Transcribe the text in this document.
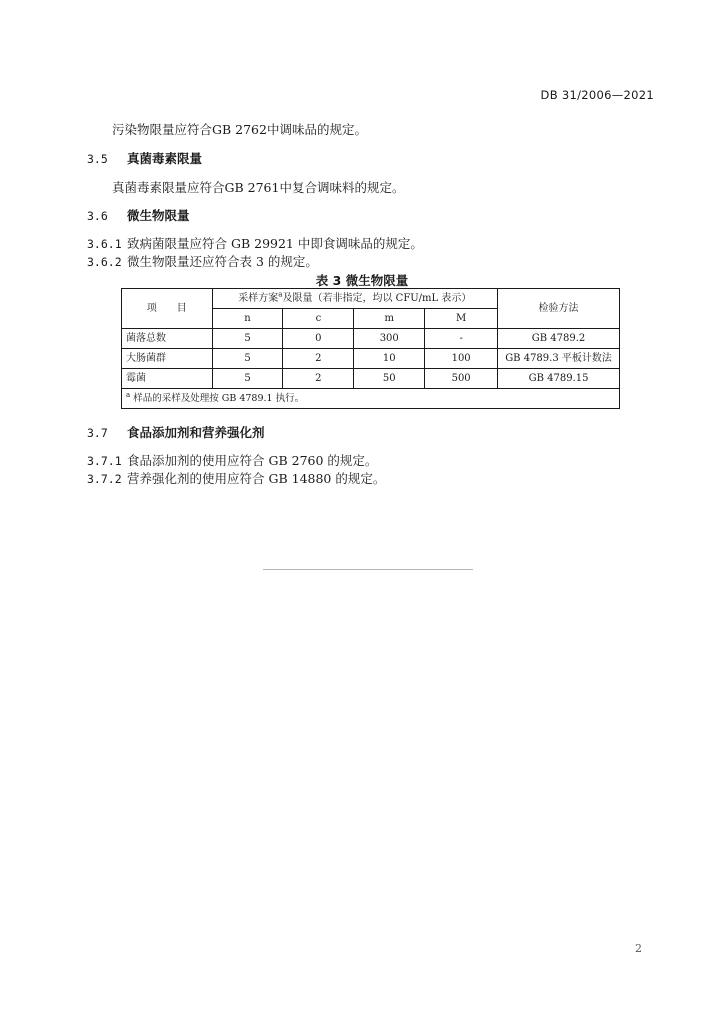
DB 31/2006—2021
污染物限量应符合GB 2762中调味品的规定。
3.5 真菌毒素限量
真菌毒素限量应符合GB 2761中复合调味料的规定。
3.6 微生物限量
3.6.1 致病菌限量应符合 GB 29921 中即食调味品的规定。
3.6.2 微生物限量还应符合表 3 的规定。
表 3 微生物限量
项　　目	采样方案$^a$及限量（若非指定，均以 CFU/mL 表示）				检验方法
	n	c	m	M	
菌落总数	5	0	300	-	GB 4789.2
大肠菌群	5	2	10	100	GB 4789.3 平板计数法
霉菌	5	2	50	500	GB 4789.15
$^a$ 样品的采样及处理按 GB 4789.1 执行。					
3.7 食品添加剂和营养强化剂
3.7.1 食品添加剂的使用应符合 GB 2760 的规定。
3.7.2 营养强化剂的使用应符合 GB 14880 的规定。
2
